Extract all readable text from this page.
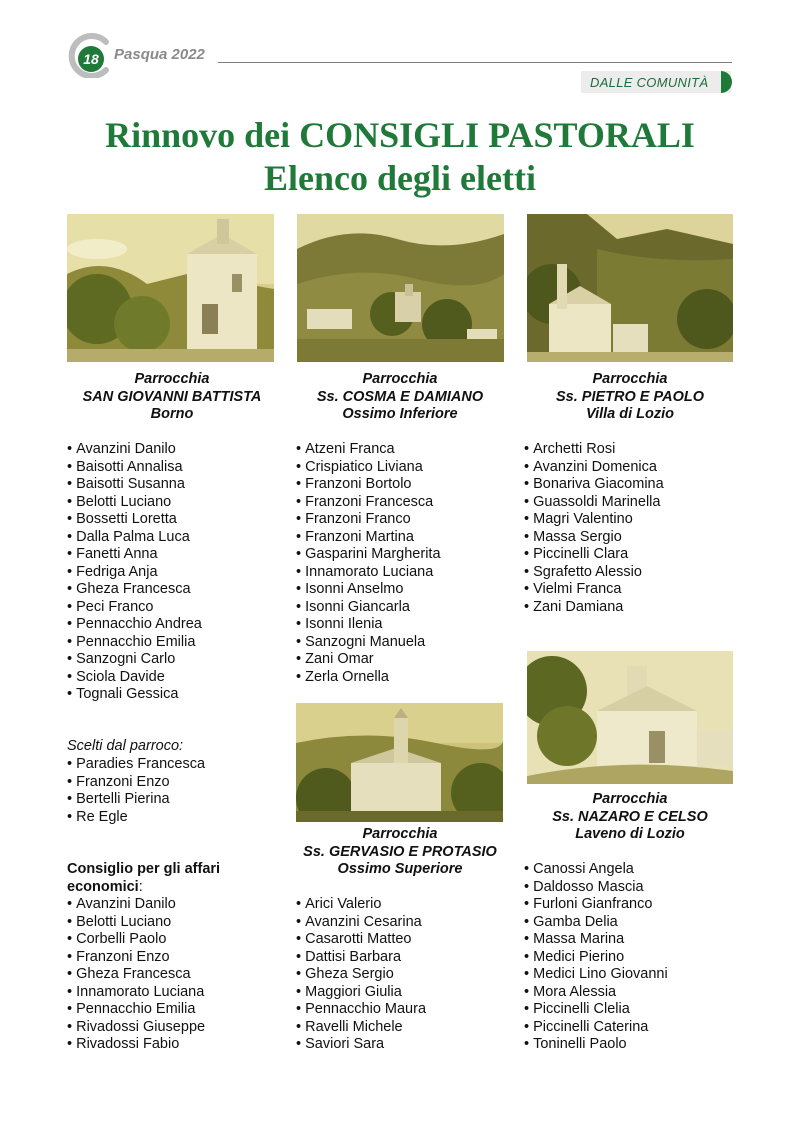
18	Pasqua 2022
DALLE COMUNITÀ
Rinnovo dei CONSIGLI PASTORALI
Elenco degli eletti
Parrocchia
SAN GIOVANNI BATTISTA
Borno
• Avanzini Danilo
• Baisotti Annalisa
• Baisotti Susanna
• Belotti Luciano
• Bossetti Loretta
• Dalla Palma Luca
• Fanetti Anna
• Fedriga Anja
• Gheza Francesca
• Peci Franco
• Pennacchio Andrea
• Pennacchio Emilia
• Sanzogni Carlo
• Sciola Davide
• Tognali Gessica
Scelti dal parroco:
• Paradies Francesca
• Franzoni Enzo
• Bertelli Pierina
• Re Egle
Consiglio per gli affari economici:
• Avanzini Danilo
• Belotti Luciano
• Corbelli Paolo
• Franzoni Enzo
• Gheza Francesca
• Innamorato Luciana
• Pennacchio Emilia
• Rivadossi Giuseppe
• Rivadossi Fabio
Parrocchia
Ss. COSMA E DAMIANO
Ossimo Inferiore
• Atzeni Franca
• Crispiatico Liviana
• Franzoni Bortolo
• Franzoni Francesca
• Franzoni Franco
• Franzoni Martina
• Gasparini Margherita
• Innamorato Luciana
• Isonni Anselmo
• Isonni Giancarla
• Isonni Ilenia
• Sanzogni Manuela
• Zani Omar
• Zerla Ornella
Parrocchia
Ss. GERVASIO E PROTASIO
Ossimo Superiore
• Arici Valerio
• Avanzini Cesarina
• Casarotti Matteo
• Dattisi Barbara
• Gheza Sergio
• Maggiori Giulia
• Pennacchio Maura
• Ravelli Michele
• Saviori Sara
Parrocchia
Ss. PIETRO E PAOLO
Villa di Lozio
• Archetti Rosi
• Avanzini Domenica
• Bonariva Giacomina
• Guassoldi Marinella
• Magri Valentino
• Massa Sergio
• Piccinelli Clara
• Sgrafetto Alessio
• Vielmi Franca
• Zani Damiana
Parrocchia
Ss. NAZARO E CELSO
Laveno di Lozio
• Canossi Angela
• Daldosso Mascia
• Furloni Gianfranco
• Gamba Delia
• Massa Marina
• Medici Pierino
• Medici Lino Giovanni
• Mora Alessia
• Piccinelli Clelia
• Piccinelli Caterina
• Toninelli Paolo
